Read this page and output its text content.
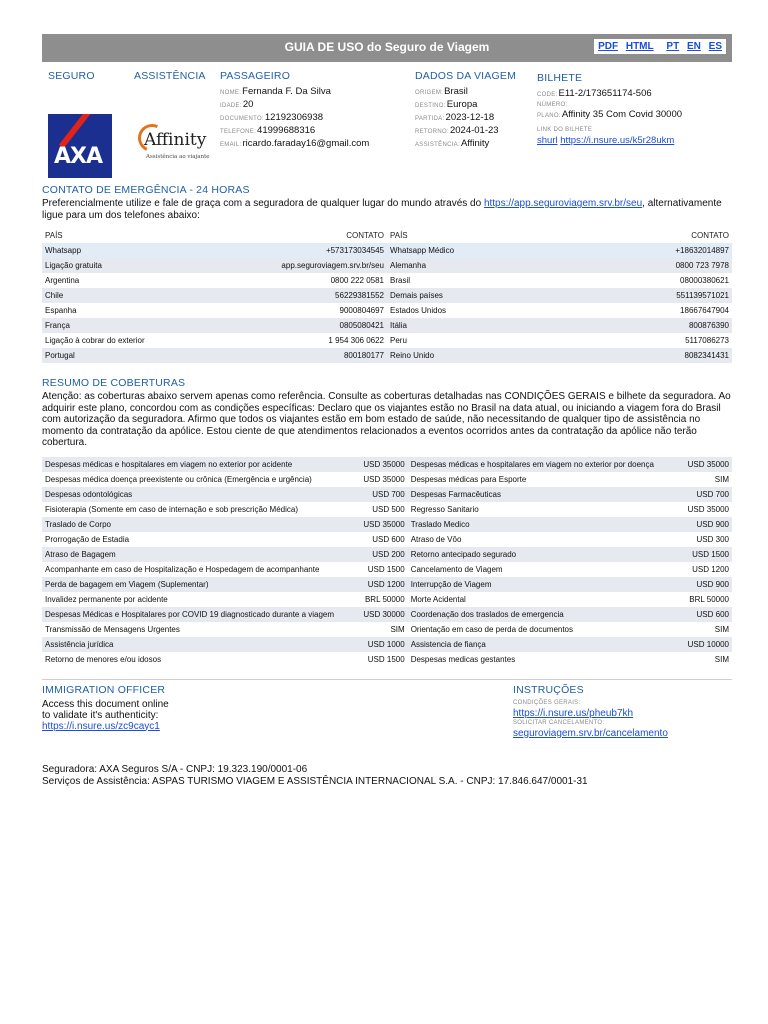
GUIA DE USO do Seguro de Viagem	PDF HTML PT EN ES
SEGURO
AXA
ASSISTÊNCIA
Affinity
Assistência ao viajante
PASSAGEIRO
NOME:Fernanda F. Da Silva
IDADE:20
DOCUMENTO:12192306938
TELEFONE:41999688316
EMAIL:ricardo.faraday16@gmail.com
DADOS DA VIAGEM
ORIGEM:Brasil
DESTINO:Europa
PARTIDA:2023-12-18
RETORNO:2024-01-23
ASSISTÊNCIA:Affinity
BILHETE
CODE:E11-2/173651174-506
NÚMERO:
PLANO:Affinity 35 Com Covid 30000
LINK DO BILHETE
shurl https://i.nsure.us/k5r28ukm
CONTATO DE EMERGÊNCIA - 24 HORAS
Preferencialmente utilize e fale de graça com a seguradora de qualquer lugar do mundo através do https://app.seguroviagem.srv.br/seu, alternativamente ligue para um dos telefones abaixo:
PAÍS	CONTATO	PAÍS	CONTATO
Whatsapp	+573173034545	Whatsapp Médico	+18632014897
Ligação gratuita	app.seguroviagem.srv.br/seu	Alemanha	0800 723 7978
Argentina	0800 222 0581	Brasil	08000380621
Chile	56229381552	Demais países	551139571021
Espanha	9000804697	Estados Unidos	18667647904
França	0805080421	Itália	800876390
Ligação à cobrar do exterior	1 954 306 0622	Peru	5117086273
Portugal	800180177	Reino Unido	8082341431
RESUMO DE COBERTURAS
Atenção: as coberturas abaixo servem apenas como referência. Consulte as coberturas detalhadas nas CONDIÇÕES GERAIS e bilhete da seguradora. Ao adquirir este plano, concordou com as condições específicas: Declaro que os viajantes estão no Brasil na data atual, ou iniciando a viagem fora do Brasil com autorização da seguradora. Afirmo que todos os viajantes estão em bom estado de saúde, não necessitando de qualquer tipo de assistência no momento da contratação da apólice. Estou ciente de que atendimentos relacionados a eventos ocorridos antes da contratação da apólice não terão cobertura.
Despesas médicas e hospitalares em viagem no exterior por acidente	USD 35000	Despesas médicas e hospitalares em viagem no exterior por doença	USD 35000
Despesas médica doença preexistente ou crônica (Emergência e urgência)	USD 35000	Despesas médicas para Esporte	SIM
Despesas odontológicas	USD 700	Despesas Farmacêuticas	USD 700
Fisioterapia (Somente em caso de internação e sob prescrição Médica)	USD 500	Regresso Sanitario	USD 35000
Traslado de Corpo	USD 35000	Traslado Medico	USD 900
Prorrogação de Estadia	USD 600	Atraso de Vôo	USD 300
Atraso de Bagagem	USD 200	Retorno antecipado segurado	USD 1500
Acompanhante em caso de Hospitalização e Hospedagem de acompanhante	USD 1500	Cancelamento de Viagem	USD 1200
Perda de bagagem em Viagem (Suplementar)	USD 1200	Interrupção de Viagem	USD 900
Invalidez permanente por acidente	BRL 50000	Morte Acidental	BRL 50000
Despesas Médicas e Hospitalares por COVID 19 diagnosticado durante a viagem	USD 30000	Coordenação dos traslados de emergencia	USD 600
Transmissão de Mensagens Urgentes	SIM	Orientação em caso de perda de documentos	SIM
Assistência jurídica	USD 1000	Assistencia de fiança	USD 10000
Retorno de menores e/ou idosos	USD 1500	Despesas medicas gestantes	SIM
IMMIGRATION OFFICER
Access this document online
to validate it's authenticity:
https://i.nsure.us/zc9cayc1
INSTRUÇÕES
CONDIÇÕES GERAIS:
https://i.nsure.us/pheub7kh
SOLICITAR CANCELAMENTO:
seguroviagem.srv.br/cancelamento
Seguradora: AXA Seguros S/A - CNPJ: 19.323.190/0001-06
Serviços de Assistência: ASPAS TURISMO VIAGEM E ASSISTÊNCIA INTERNACIONAL S.A. - CNPJ: 17.846.647/0001-31
